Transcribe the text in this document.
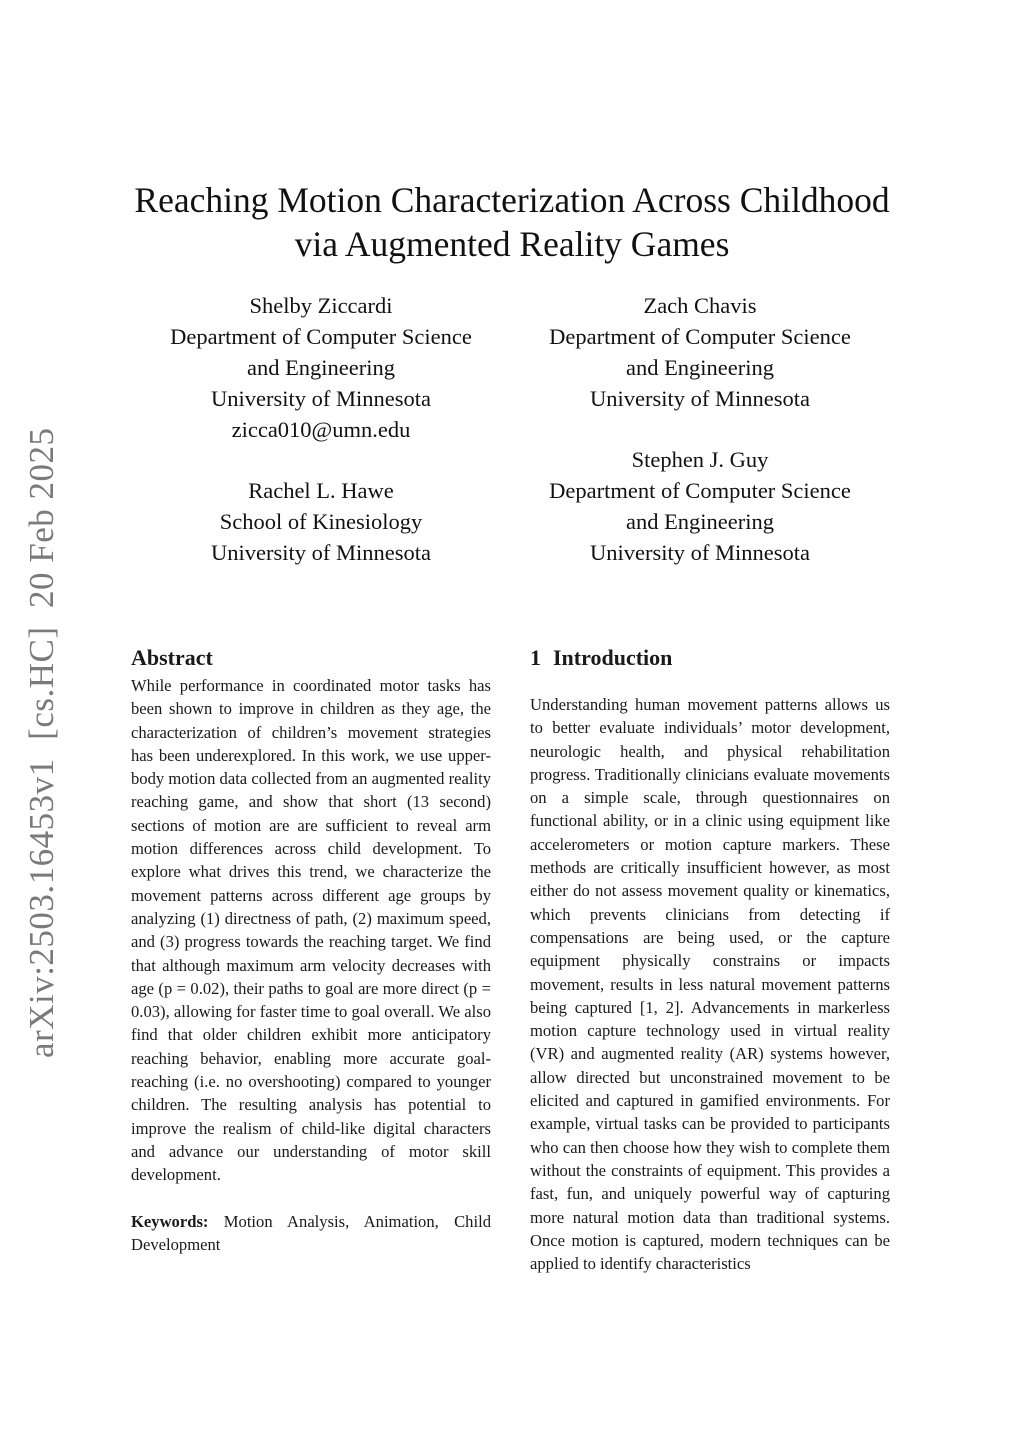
arXiv:2503.16453v1  [cs.HC]  20 Feb 2025
Reaching Motion Characterization Across Childhood
via Augmented Reality Games
Shelby Ziccardi
Department of Computer Science
and Engineering
University of Minnesota
zicca010@umn.edu
Zach Chavis
Department of Computer Science
and Engineering
University of Minnesota
Rachel L. Hawe
School of Kinesiology
University of Minnesota
Stephen J. Guy
Department of Computer Science
and Engineering
University of Minnesota
Abstract

While performance in coordinated motor tasks has been shown to improve in children as they age, the characterization of children’s movement strategies has been underexplored. In this work, we use upper-body motion data collected from an augmented reality reaching game, and show that short (13 second) sections of motion are are sufficient to reveal arm motion differences across child development. To explore what drives this trend, we characterize the movement patterns across different age groups by analyzing (1) directness of path, (2) maximum speed, and (3) progress towards the reaching target. We find that although maximum arm velocity decreases with age (p = 0.02), their paths to goal are more direct (p = 0.03), allowing for faster time to goal overall. We also find that older children exhibit more anticipatory reaching behavior, enabling more accurate goal-reaching (i.e. no overshooting) compared to younger children. The resulting analysis has potential to improve the realism of child-like digital characters and advance our understanding of motor skill development.

Keywords: Motion Analysis, Animation, Child Development

1 Introduction

Understanding human movement patterns allows us to better evaluate individuals’ motor development, neurologic health, and physical rehabilitation progress. Traditionally clinicians evaluate movements on a simple scale, through questionnaires on functional ability, or in a clinic using equipment like accelerometers or motion capture markers. These methods are critically insufficient however, as most either do not assess movement quality or kinematics, which prevents clinicians from detecting if compensations are being used, or the capture equipment physically constrains or impacts movement, results in less natural movement patterns being captured [1, 2]. Advancements in markerless motion capture technology used in virtual reality (VR) and augmented reality (AR) systems however, allow directed but unconstrained movement to be elicited and captured in gamified environments. For example, virtual tasks can be provided to participants who can then choose how they wish to complete them without the constraints of equipment. This provides a fast, fun, and uniquely powerful way of capturing more natural motion data than traditional systems. Once motion is captured, modern techniques can be applied to identify characteristics
